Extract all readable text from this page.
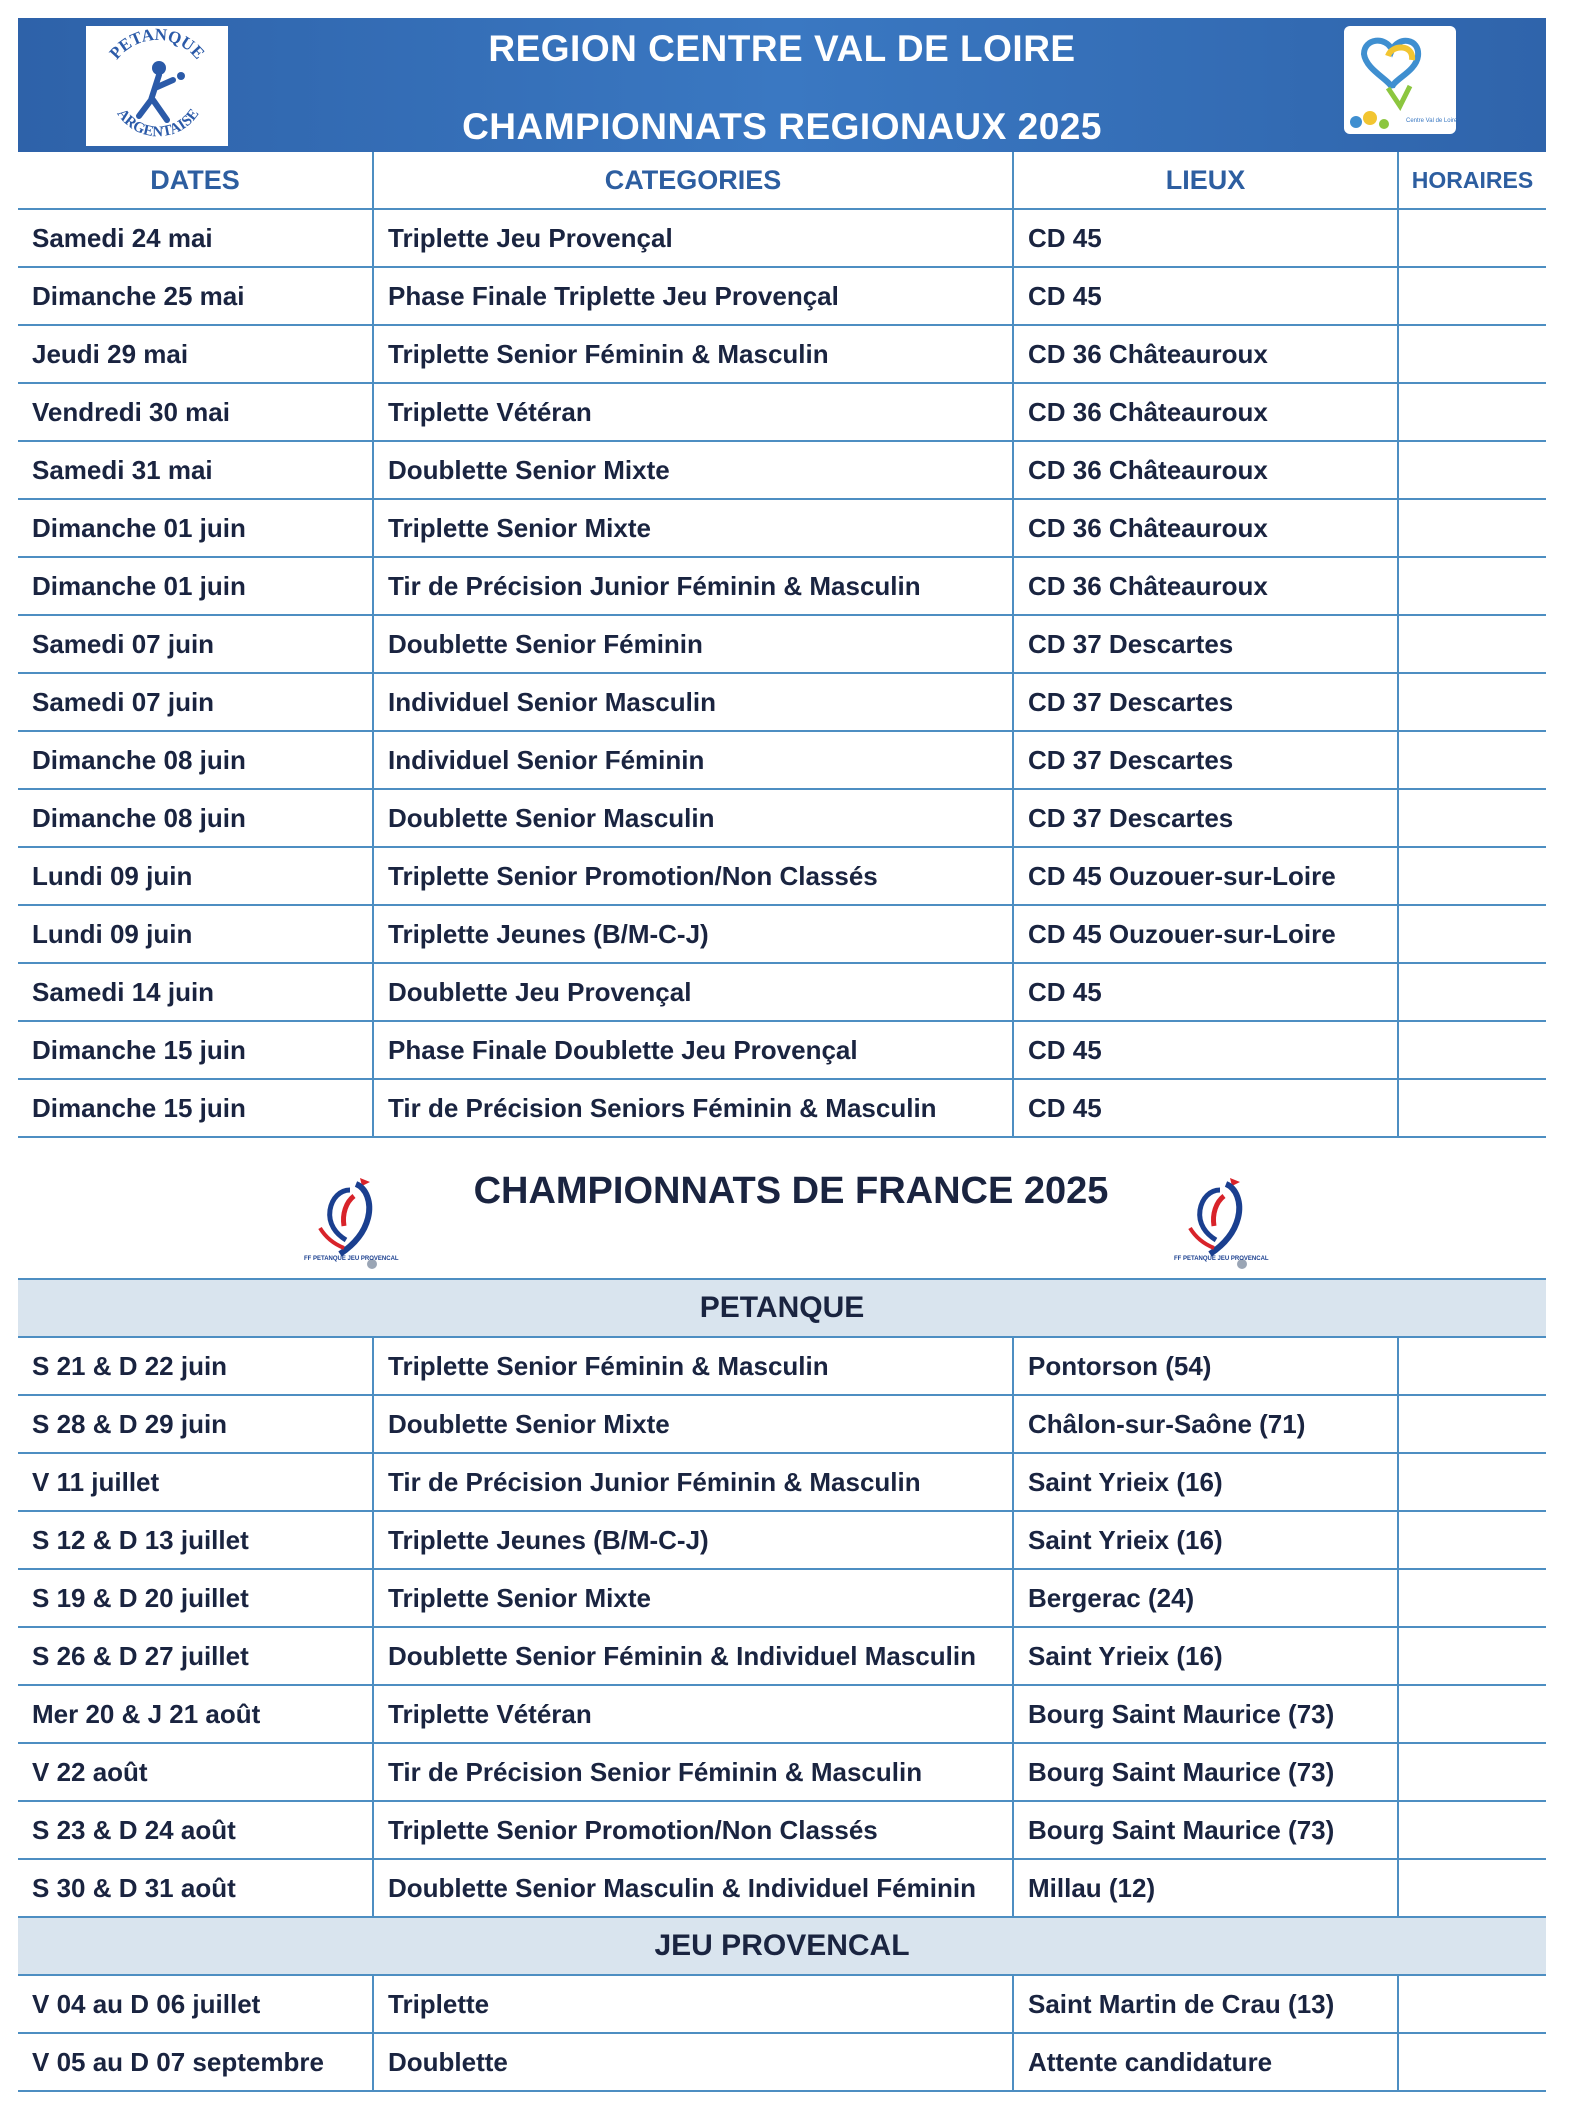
PETANQUE
ARGENTAISE
REGION CENTRE VAL DE LOIRE
CHAMPIONNATS REGIONAUX 2025	Centre Val de Loire
DATES	CATEGORIES	LIEUX	HORAIRES
Samedi 24 mai	Triplette Jeu Provençal	CD 45	
Dimanche 25 mai	Phase Finale Triplette Jeu Provençal	CD 45	
Jeudi 29 mai	Triplette Senior Féminin & Masculin	CD 36 Châteauroux	
Vendredi 30 mai	Triplette Vétéran	CD 36 Châteauroux	
Samedi 31 mai	Doublette Senior Mixte	CD 36 Châteauroux	
Dimanche 01 juin	Triplette Senior Mixte	CD 36 Châteauroux	
Dimanche 01 juin	Tir de Précision Junior Féminin & Masculin	CD 36 Châteauroux	
Samedi 07 juin	Doublette Senior Féminin	CD 37 Descartes	
Samedi 07 juin	Individuel Senior Masculin	CD 37 Descartes	
Dimanche 08 juin	Individuel Senior Féminin	CD 37 Descartes	
Dimanche 08 juin	Doublette Senior Masculin	CD 37 Descartes	
Lundi 09 juin	Triplette Senior Promotion/Non Classés	CD 45 Ouzouer-sur-Loire	
Lundi 09 juin	Triplette Jeunes (B/M-C-J)	CD 45 Ouzouer-sur-Loire	
Samedi 14 juin	Doublette Jeu Provençal	CD 45	
Dimanche 15 juin	Phase Finale Doublette Jeu Provençal	CD 45	
Dimanche 15 juin	Tir de Précision Seniors Féminin & Masculin	CD 45	
FF PETANQUE JEU PROVENCAL
CHAMPIONNATS DE FRANCE 2025
FF PETANQUE JEU PROVENCAL
PETANQUE			
S 21 & D 22 juin	Triplette Senior Féminin & Masculin	Pontorson (54)	
S 28 & D 29 juin	Doublette Senior Mixte	Châlon-sur-Saône (71)	
V 11 juillet	Tir de Précision Junior Féminin & Masculin	Saint Yrieix (16)	
S 12 & D 13 juillet	Triplette Jeunes (B/M-C-J)	Saint Yrieix (16)	
S 19 & D 20 juillet	Triplette Senior Mixte	Bergerac (24)	
S 26 & D 27 juillet	Doublette Senior Féminin & Individuel Masculin	Saint Yrieix (16)	
Mer 20 & J 21 août	Triplette Vétéran	Bourg Saint Maurice (73)	
V 22 août	Tir de Précision Senior Féminin & Masculin	Bourg Saint Maurice (73)	
S 23 & D 24 août	Triplette Senior Promotion/Non Classés	Bourg Saint Maurice (73)	
S 30 & D 31 août	Doublette Senior Masculin & Individuel Féminin	Millau (12)	
JEU PROVENCAL			
V 04 au D 06 juillet	Triplette	Saint Martin de Crau (13)	
V 05 au D 07 septembre	Doublette	Attente candidature	
